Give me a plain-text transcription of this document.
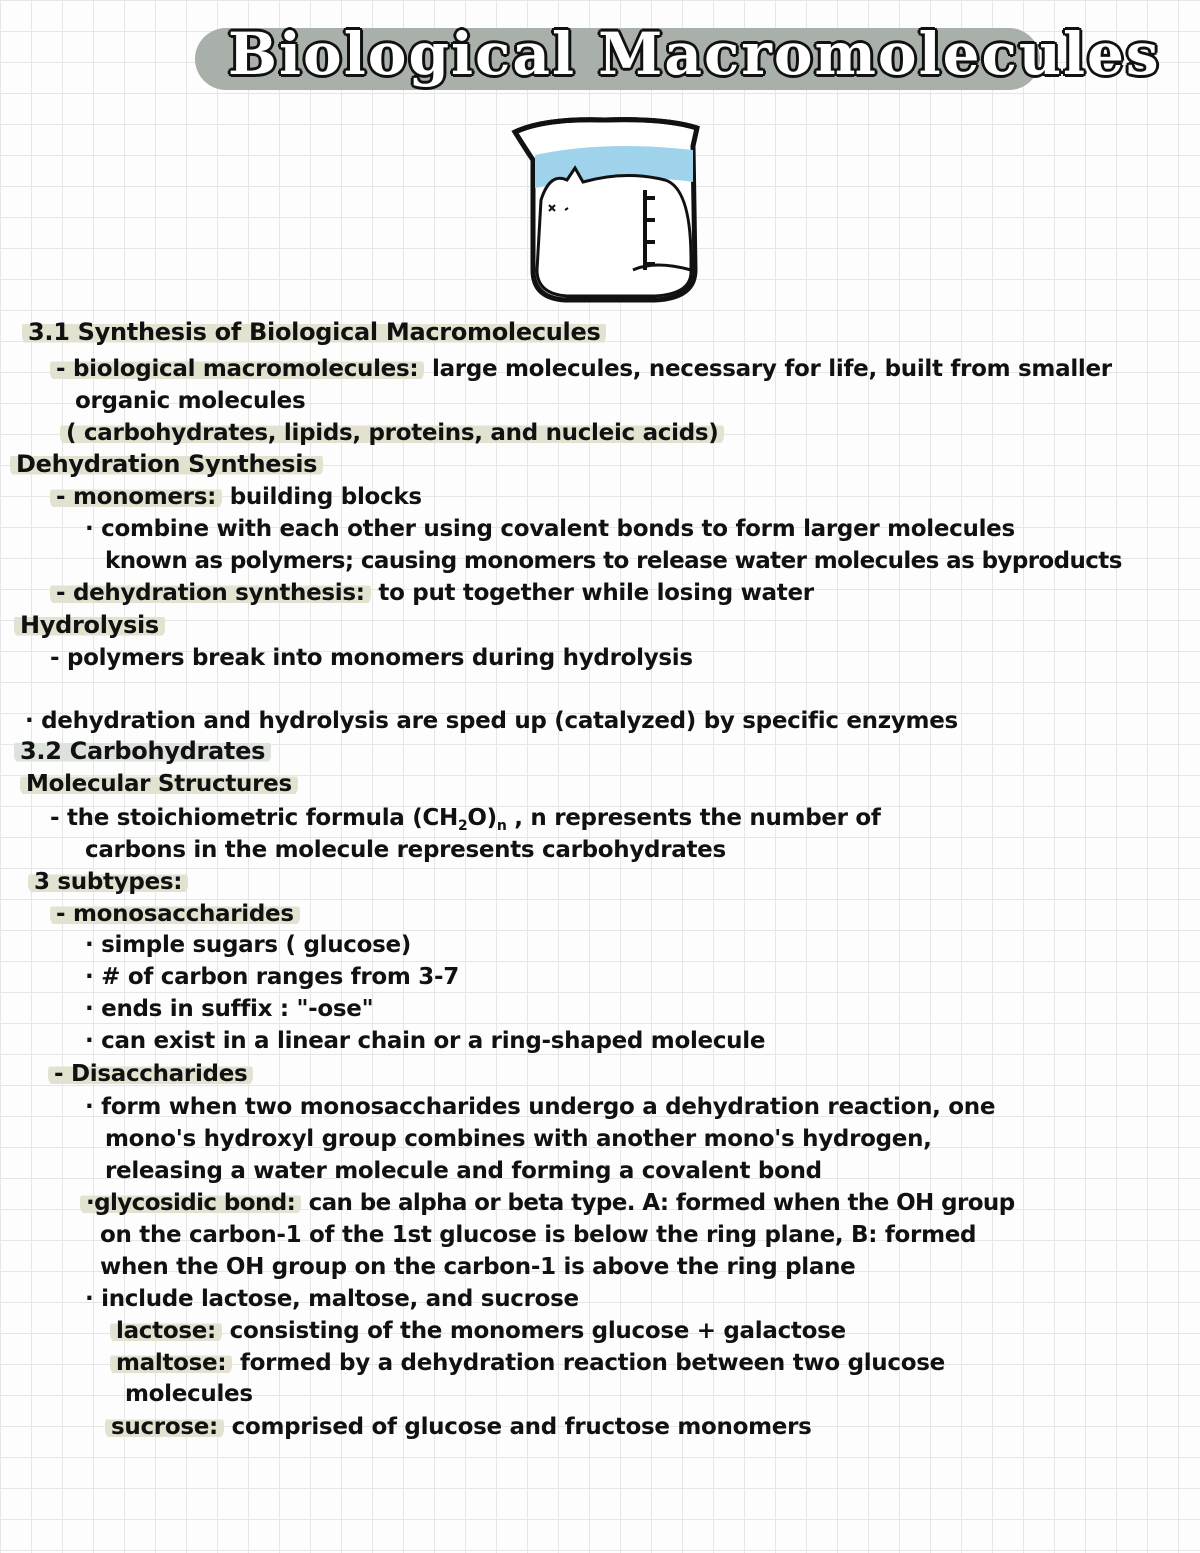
Biological Macromolecules
3.1 Synthesis of Biological Macromolecules
- biological macromolecules: large molecules, necessary for life, built from smaller
organic molecules
( carbohydrates, lipids, proteins, and nucleic acids)
Dehydration Synthesis
- monomers: building blocks
· combine with each other using covalent bonds to form larger molecules
known as polymers; causing monomers to release water molecules as byproducts
- dehydration synthesis: to put together while losing water
Hydrolysis
- polymers break into monomers during hydrolysis
· dehydration and hydrolysis are sped up (catalyzed) by specific enzymes
3.2 Carbohydrates
Molecular Structures
- the stoichiometric formula $(CH_2O)_n$ , n represents the number of
carbons in the molecule represents carbohydrates
3 subtypes:
- monosaccharides
· simple sugars ( glucose)
· # of carbon ranges from 3-7
· ends in suffix : "-ose"
· can exist in a linear chain or a ring-shaped molecule
- Disaccharides
· form when two monosaccharides undergo a dehydration reaction, one
mono's hydroxyl group combines with another mono's hydrogen,
releasing a water molecule and forming a covalent bond
·glycosidic bond: can be alpha or beta type. A: formed when the OH group
on the carbon-1 of the 1st glucose is below the ring plane, B: formed
when the OH group on the carbon-1 is above the ring plane
· include lactose, maltose, and sucrose
lactose: consisting of the monomers glucose + galactose
maltose: formed by a dehydration reaction between two glucose
molecules
sucrose: comprised of glucose and fructose monomers
